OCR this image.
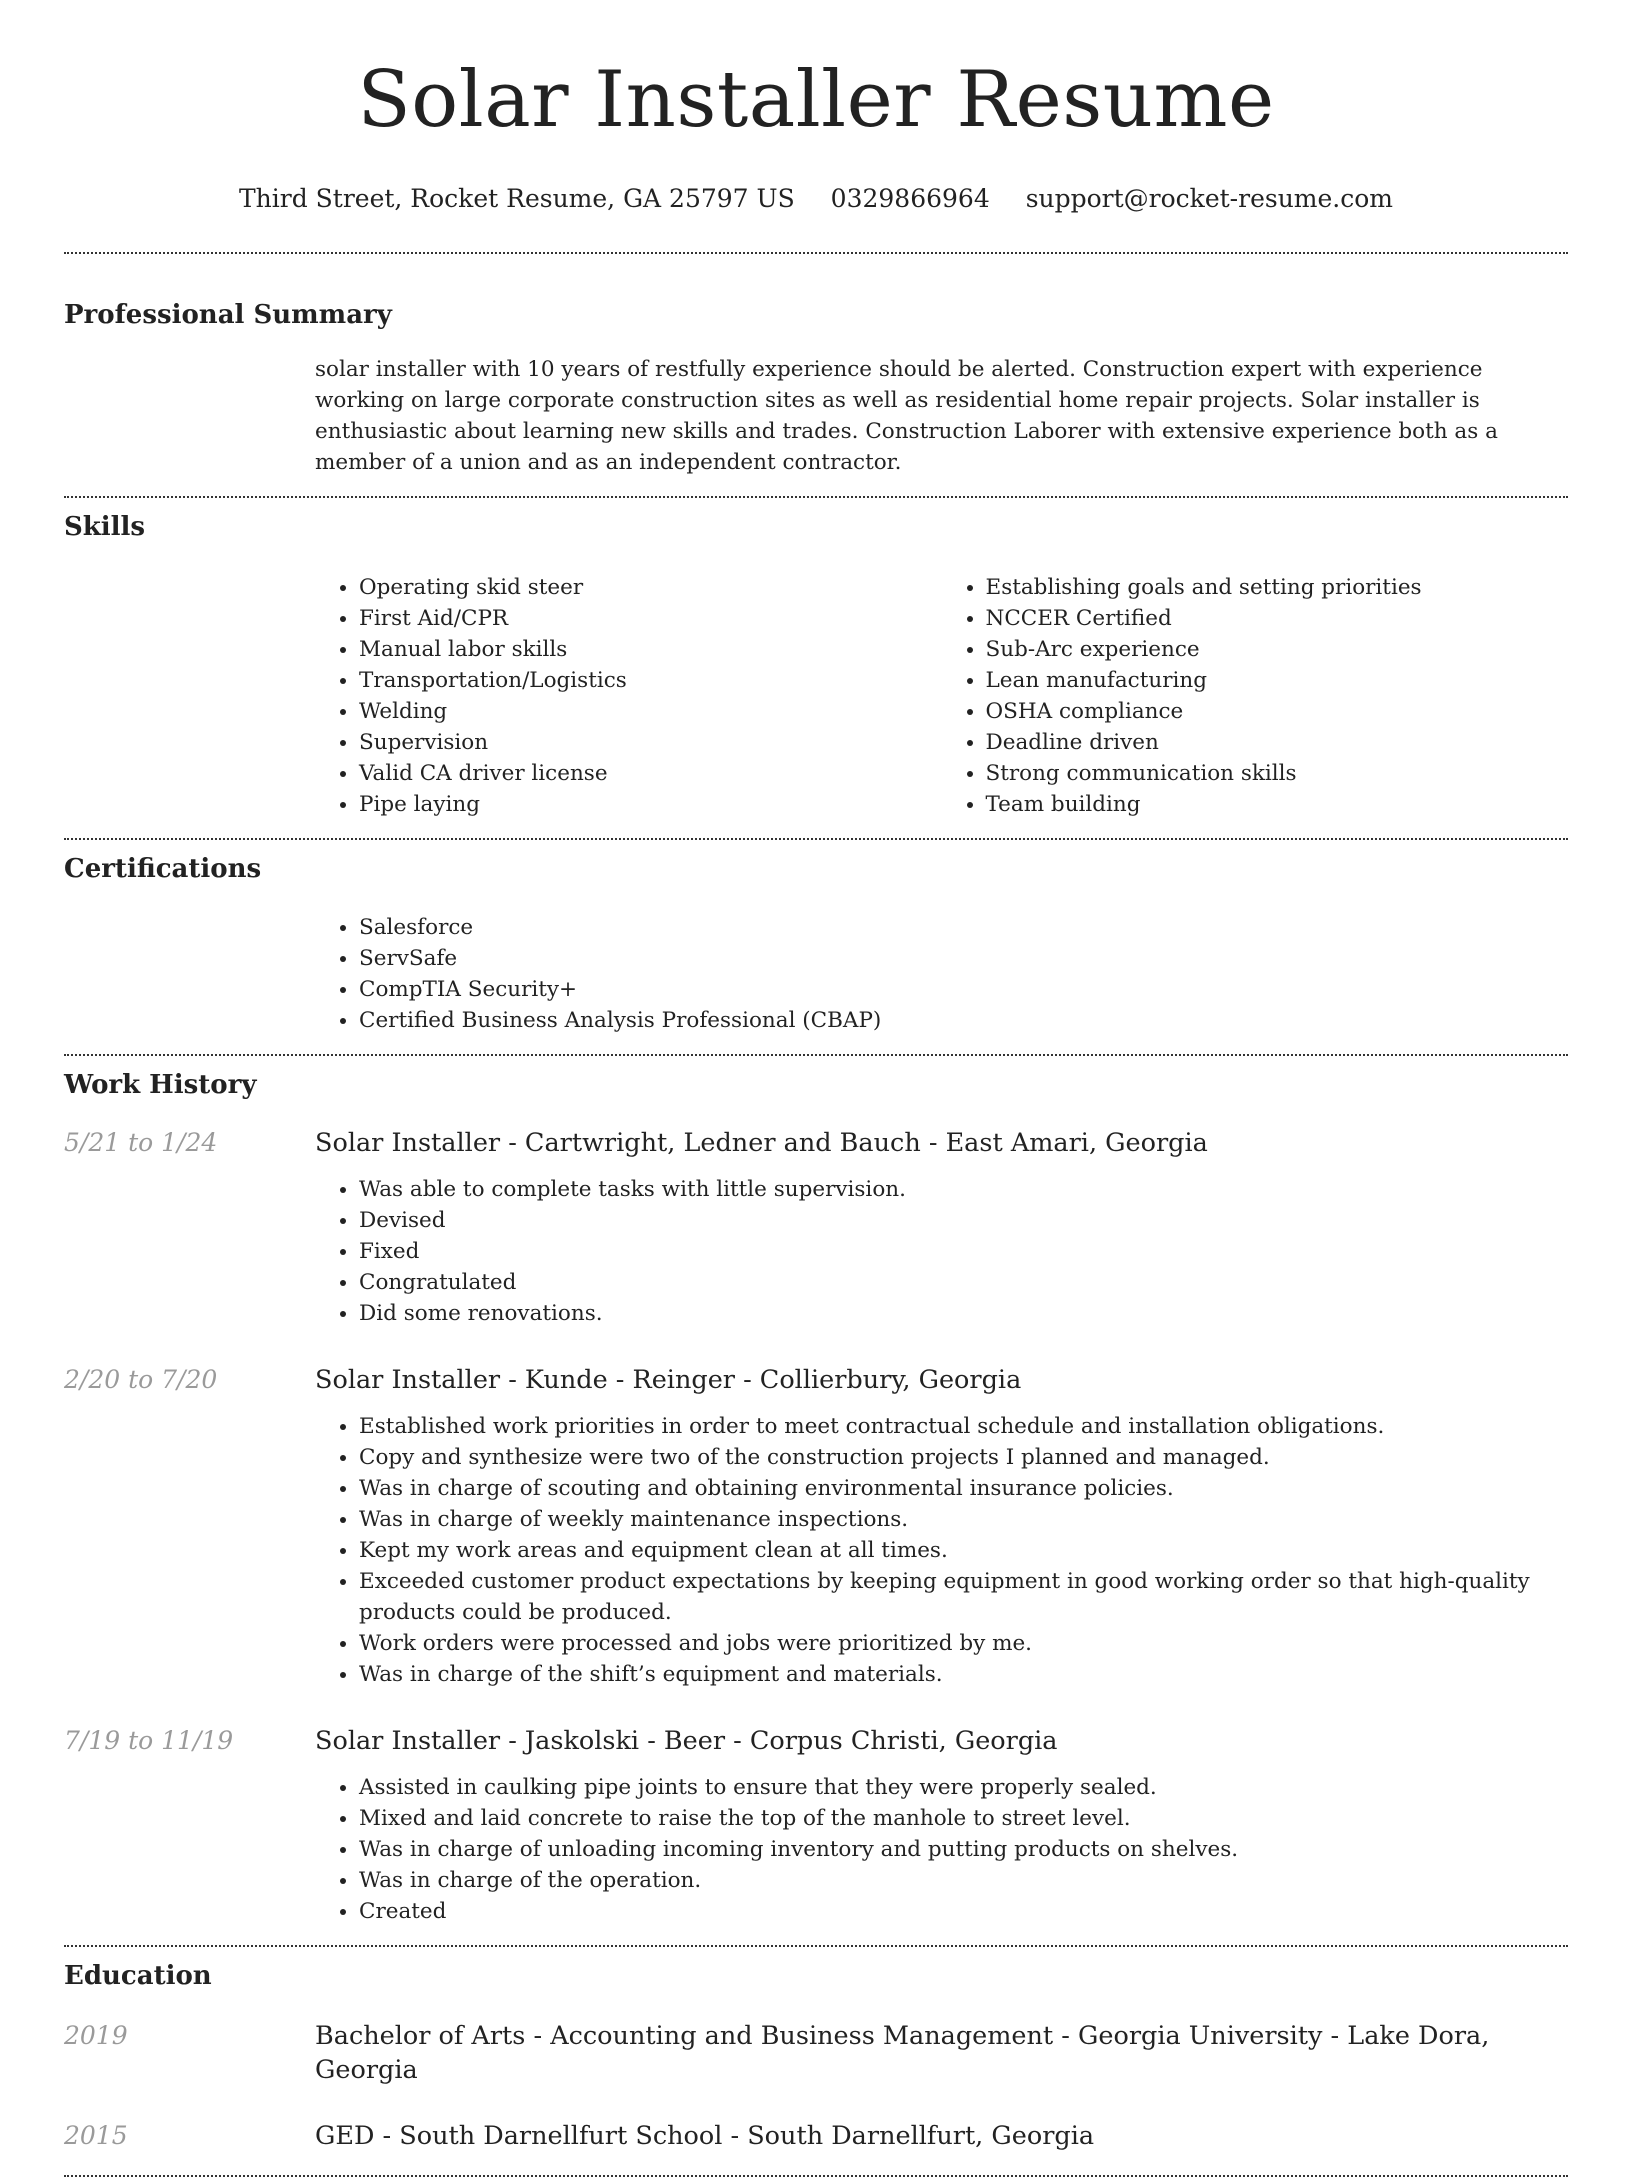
Solar Installer Resume
Third Street, Rocket Resume, GA 25797 US 0329866964 support@rocket-resume.com
Professional Summary
solar installer with 10 years of restfully experience should be alerted. Construction expert with experience working on large corporate construction sites as well as residential home repair projects. Solar installer is enthusiastic about learning new skills and trades. Construction Laborer with extensive experience both as a member of a union and as an independent contractor.
Skills
• Operating skid steer
• First Aid/CPR
• Manual labor skills
• Transportation/Logistics
• Welding
• Supervision
• Valid CA driver license
• Pipe laying
• Establishing goals and setting priorities
• NCCER Certified
• Sub-Arc experience
• Lean manufacturing
• OSHA compliance
• Deadline driven
• Strong communication skills
• Team building
Certifications
• Salesforce
• ServSafe
• CompTIA Security+
• Certified Business Analysis Professional (CBAP)
Work History
5/21 to 1/24	Solar Installer - Cartwright, Ledner and Bauch - East Amari, Georgia
• Was able to complete tasks with little supervision.
• Devised
• Fixed
• Congratulated
• Did some renovations.
2/20 to 7/20	Solar Installer - Kunde - Reinger - Collierbury, Georgia
• Established work priorities in order to meet contractual schedule and installation obligations.
• Copy and synthesize were two of the construction projects I planned and managed.
• Was in charge of scouting and obtaining environmental insurance policies.
• Was in charge of weekly maintenance inspections.
• Kept my work areas and equipment clean at all times.
• Exceeded customer product expectations by keeping equipment in good working order so that high-quality products could be produced.
• Work orders were processed and jobs were prioritized by me.
• Was in charge of the shift’s equipment and materials.
7/19 to 11/19	Solar Installer - Jaskolski - Beer - Corpus Christi, Georgia
• Assisted in caulking pipe joints to ensure that they were properly sealed.
• Mixed and laid concrete to raise the top of the manhole to street level.
• Was in charge of unloading incoming inventory and putting products on shelves.
• Was in charge of the operation.
• Created
Education
2019	Bachelor of Arts - Accounting and Business Management - Georgia University - Lake Dora, Georgia
2015	GED - South Darnellfurt School - South Darnellfurt, Georgia
